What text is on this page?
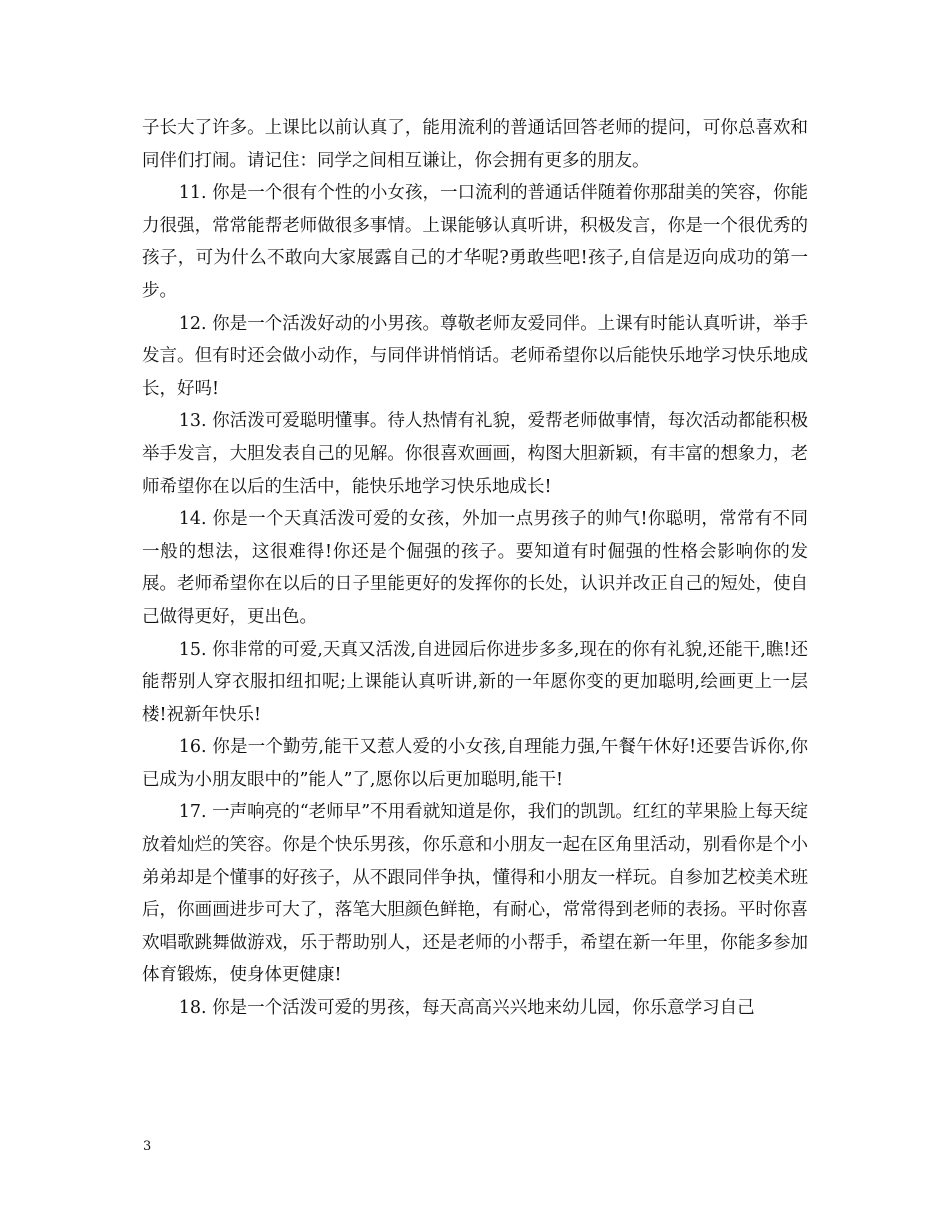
子长大了许多。上课比以前认真了，能用流利的普通话回答老师的提问，可你总喜欢和同伴们打闹。请记住：同学之间相互谦让，你会拥有更多的朋友。

11. 你是一个很有个性的小女孩，一口流利的普通话伴随着你那甜美的笑容，你能力很强，常常能帮老师做很多事情。上课能够认真听讲，积极发言，你是一个很优秀的孩子，可为什么不敢向大家展露自己的才华呢?勇敢些吧!孩子,自信是迈向成功的第一步。

12. 你是一个活泼好动的小男孩。尊敬老师友爱同伴。上课有时能认真听讲，举手发言。但有时还会做小动作，与同伴讲悄悄话。老师希望你以后能快乐地学习快乐地成长，好吗!

13. 你活泼可爱聪明懂事。待人热情有礼貌，爱帮老师做事情，每次活动都能积极举手发言，大胆发表自己的见解。你很喜欢画画，构图大胆新颖，有丰富的想象力，老师希望你在以后的生活中，能快乐地学习快乐地成长!

14. 你是一个天真活泼可爱的女孩，外加一点男孩子的帅气!你聪明，常常有不同一般的想法，这很难得!你还是个倔强的孩子。要知道有时倔强的性格会影响你的发展。老师希望你在以后的日子里能更好的发挥你的长处，认识并改正自己的短处，使自己做得更好，更出色。

15. 你非常的可爱,天真又活泼,自进园后你进步多多,现在的你有礼貌,还能干,瞧!还能帮别人穿衣服扣纽扣呢;上课能认真听讲,新的一年愿你变的更加聪明,绘画更上一层楼!祝新年快乐!

16. 你是一个勤劳,能干又惹人爱的小女孩,自理能力强,午餐午休好!还要告诉你,你已成为小朋友眼中的”能人”了,愿你以后更加聪明,能干!

17. 一声响亮的“老师早”不用看就知道是你，我们的凯凯。红红的苹果脸上每天绽放着灿烂的笑容。你是个快乐男孩，你乐意和小朋友一起在区角里活动，别看你是个小弟弟却是个懂事的好孩子，从不跟同伴争执，懂得和小朋友一样玩。自参加艺校美术班后，你画画进步可大了，落笔大胆颜色鲜艳，有耐心，常常得到老师的表扬。平时你喜欢唱歌跳舞做游戏，乐于帮助别人，还是老师的小帮手，希望在新一年里，你能多参加体育锻炼，使身体更健康!

18. 你是一个活泼可爱的男孩，每天高高兴兴地来幼儿园，你乐意学习自己

3
